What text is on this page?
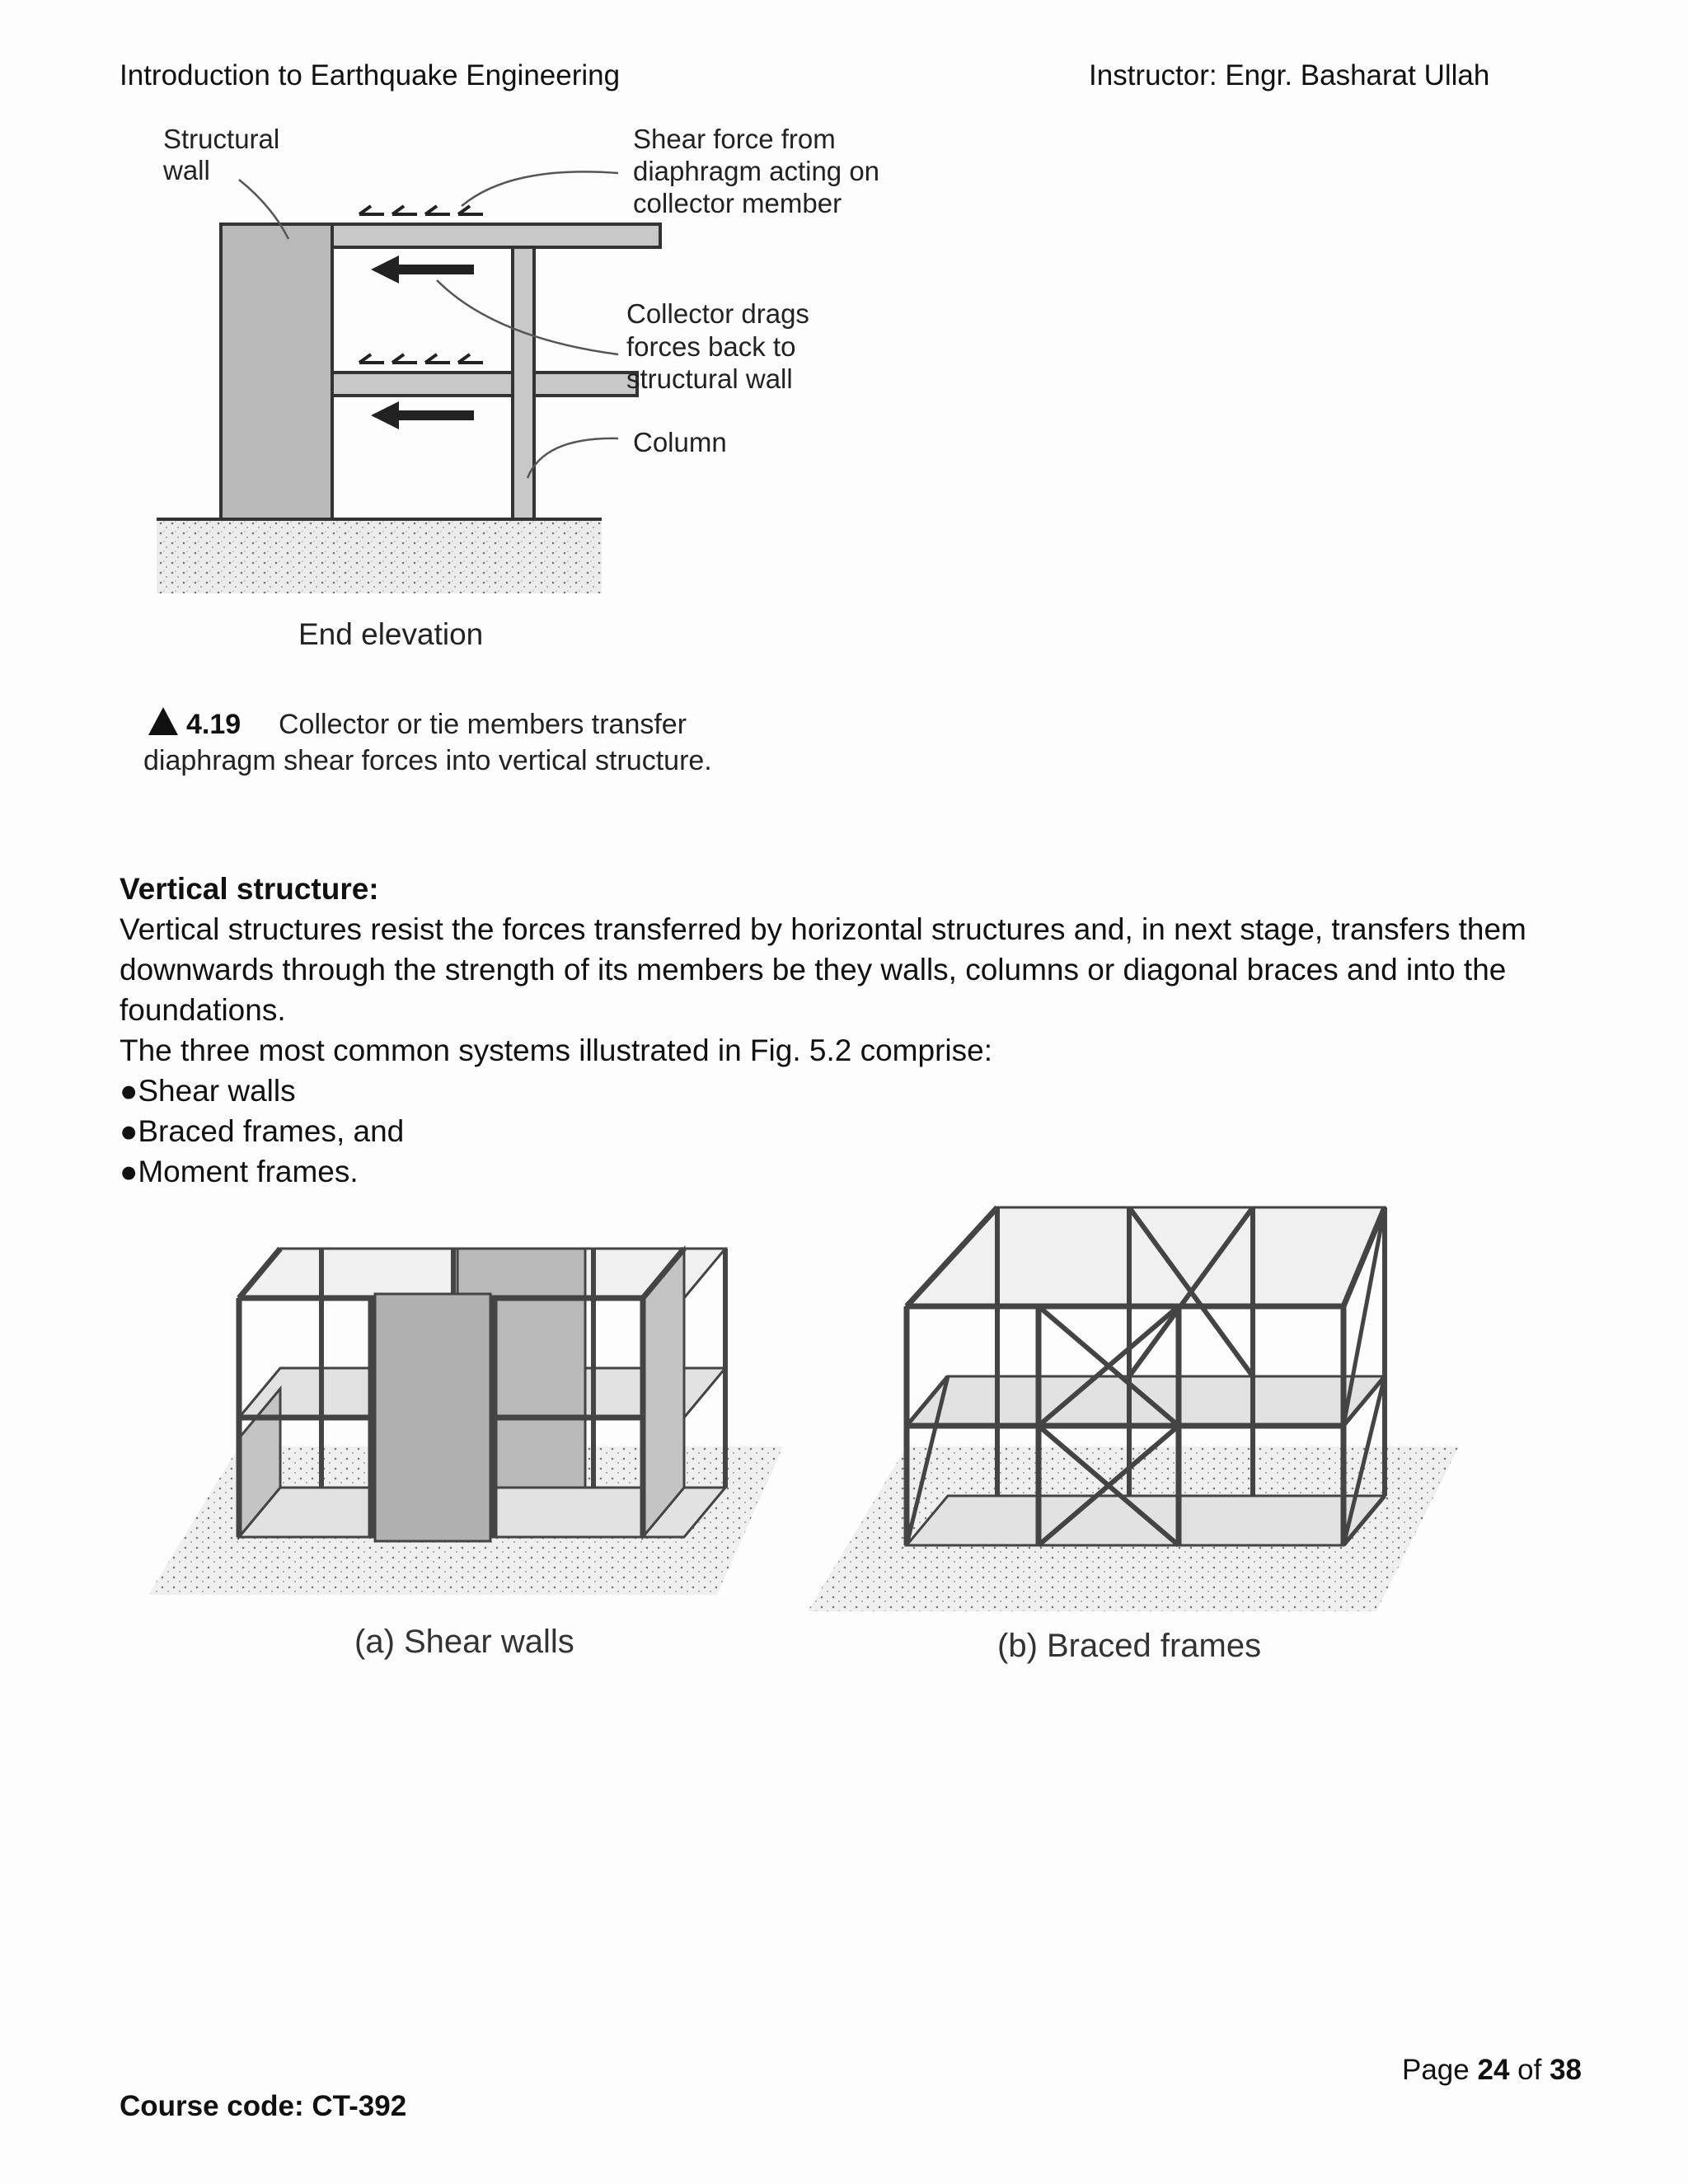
Introduction to Earthquake Engineering	Instructor: Engr. Basharat Ullah
Structural
wall
Shear force from
diaphragm acting on
collector member
Collector drags
forces back to
structural wall
Column
End elevation
4.19 Collector or tie members transfer
diaphragm shear forces into vertical structure.

Vertical structure:

Vertical structures resist the forces transferred by horizontal structures and, in next stage, transfers them downwards through the strength of its members be they walls, columns or diagonal braces and into the foundations.

The three most common systems illustrated in Fig. 5.2 comprise:

● Shear walls
● Braced frames, and
● Moment frames.
(a) Shear walls	(b) Braced frames
Page 24 of 38
Course code: CT-392
